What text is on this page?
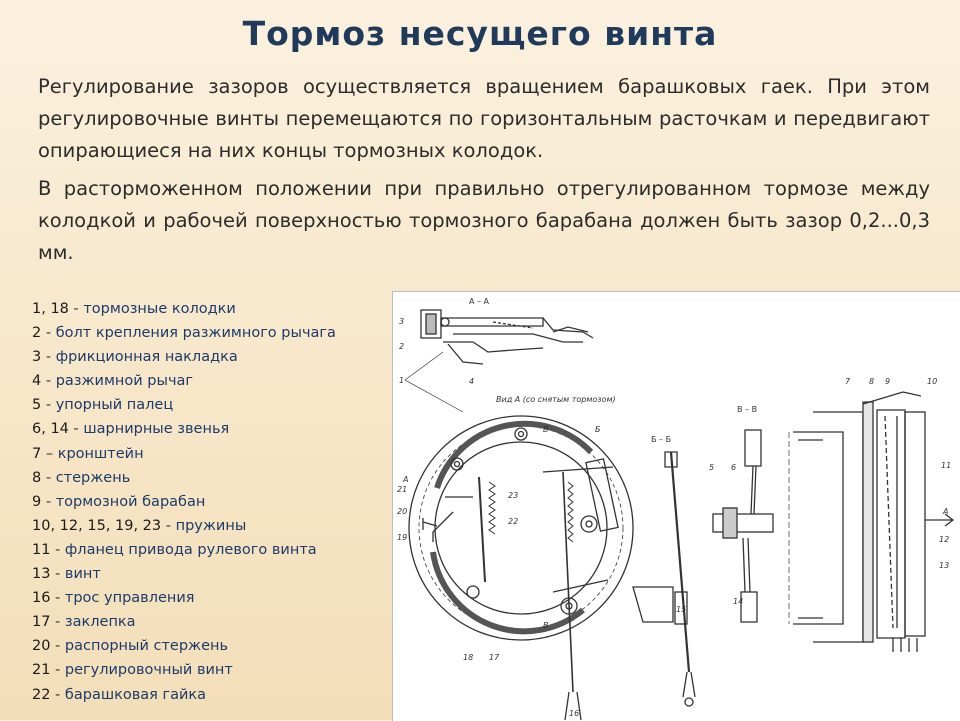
Тормоз несущего винта

Регулирование зазоров осуществляется вращением барашковых гаек. При этом регулировочные винты перемещаются по горизонтальным расточкам и передвигают опирающиеся на них концы тормозных колодок.

В расторможенном положении при правильно отрегулированном тормозе между колодкой и рабочей поверхностью тормозного барабана должен быть зазор 0,2...0,3 мм.

1, 18 - тормозные колодки
2 - болт крепления разжимного рычага
3 - фрикционная накладка
4 - разжимной рычаг
5 - упорный палец
6, 14 - шарнирные звенья
7 – кронштейн
8 - стержень
9 - тормозной барабан
10, 12, 15, 19, 23 - пружины
11 - фланец привода рулевого винта
13 - винт
16 - трос управления
17 - заклепка
20 - распорный стержень
21 - регулировочный винт
22 - барашковая гайка
А – А
3
2
1	4
Вид А (со снятым тормозом)
А
21
20
19
23
22
18 17
В	Б
В
16
Б – Б
15
В – В
5 6
14
7 8 9	10
11
А
12
13
